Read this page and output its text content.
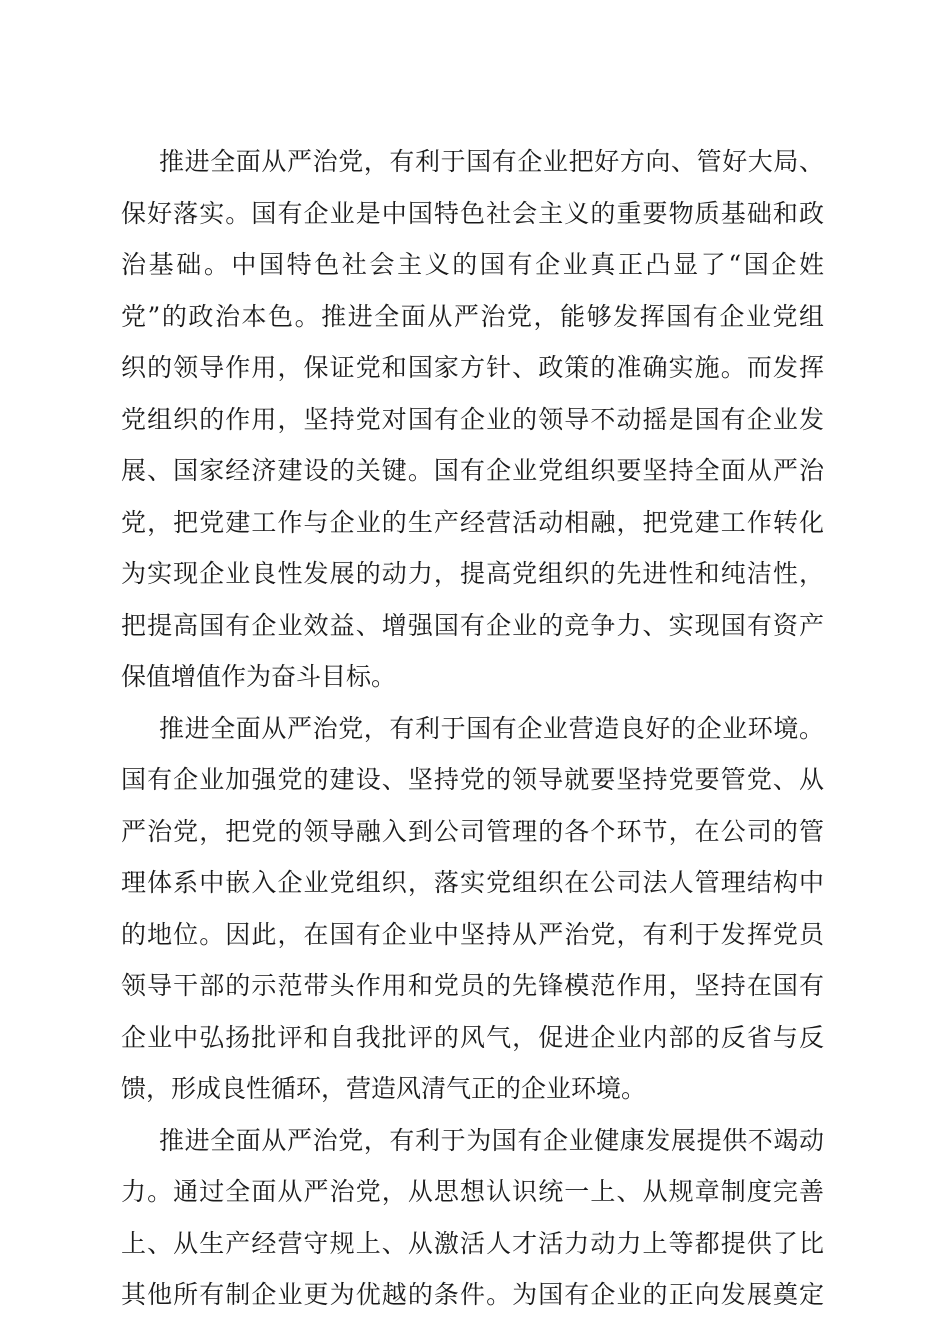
推进全面从严治党，有利于国有企业把好方向、管好大局、
保好落实。国有企业是中国特色社会主义的重要物质基础和政
治基础。中国特色社会主义的国有企业真正凸显了“国企姓
党”的政治本色。推进全面从严治党，能够发挥国有企业党组
织的领导作用，保证党和国家方针、政策的准确实施。而发挥
党组织的作用，坚持党对国有企业的领导不动摇是国有企业发
展、国家经济建设的关键。国有企业党组织要坚持全面从严治
党，把党建工作与企业的生产经营活动相融，把党建工作转化
为实现企业良性发展的动力，提高党组织的先进性和纯洁性，
把提高国有企业效益、增强国有企业的竞争力、实现国有资产
保值增值作为奋斗目标。
推进全面从严治党，有利于国有企业营造良好的企业环境。
国有企业加强党的建设、坚持党的领导就要坚持党要管党、从
严治党，把党的领导融入到公司管理的各个环节，在公司的管
理体系中嵌入企业党组织，落实党组织在公司法人管理结构中
的地位。因此，在国有企业中坚持从严治党，有利于发挥党员
领导干部的示范带头作用和党员的先锋模范作用，坚持在国有
企业中弘扬批评和自我批评的风气，促进企业内部的反省与反
馈，形成良性循环，营造风清气正的企业环境。
推进全面从严治党，有利于为国有企业健康发展提供不竭动
力。通过全面从严治党，从思想认识统一上、从规章制度完善
上、从生产经营守规上、从激活人才活力动力上等都提供了比
其他所有制企业更为优越的条件。为国有企业的正向发展奠定
